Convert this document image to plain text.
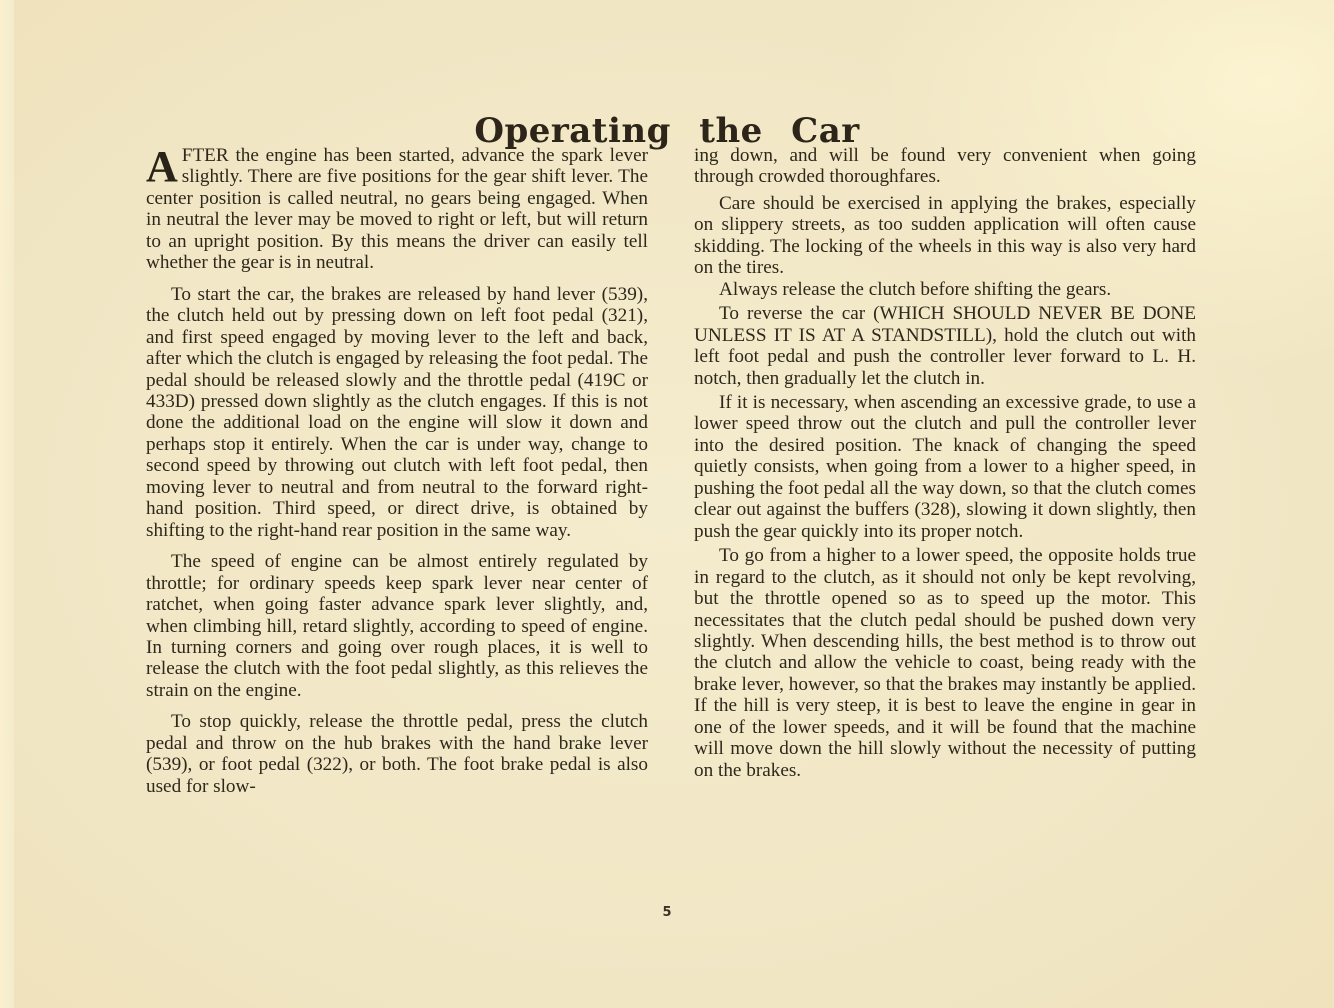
Operating the Car

AFTER the engine has been started, advance the spark lever slightly. There are five positions for the gear shift lever. The center position is called neutral, no gears being engaged. When in neutral the lever may be moved to right or left, but will return to an upright position. By this means the driver can easily tell whether the gear is in neutral.

To start the car, the brakes are released by hand lever (539), the clutch held out by pressing down on left foot pedal (321), and first speed engaged by moving lever to the left and back, after which the clutch is engaged by releasing the foot pedal. The pedal should be released slowly and the throttle pedal (419C or 433D) pressed down slightly as the clutch engages. If this is not done the additional load on the engine will slow it down and perhaps stop it entirely. When the car is under way, change to second speed by throwing out clutch with left foot pedal, then moving lever to neutral and from neutral to the forward right-hand position. Third speed, or direct drive, is obtained by shifting to the right-hand rear position in the same way.

The speed of engine can be almost entirely regulated by throttle; for ordinary speeds keep spark lever near center of ratchet, when going faster advance spark lever slightly, and, when climbing hill, retard slightly, according to speed of engine. In turning corners and going over rough places, it is well to release the clutch with the foot pedal slightly, as this relieves the strain on the engine.

To stop quickly, release the throttle pedal, press the clutch pedal and throw on the hub brakes with the hand brake lever (539), or foot pedal (322), or both. The foot brake pedal is also used for slow-

ing down, and will be found very convenient when going through crowded thoroughfares.

Care should be exercised in applying the brakes, especially on slippery streets, as too sudden application will often cause skidding. The locking of the wheels in this way is also very hard on the tires.

Always release the clutch before shifting the gears.

To reverse the car (WHICH SHOULD NEVER BE DONE UNLESS IT IS AT A STANDSTILL), hold the clutch out with left foot pedal and push the controller lever forward to L. H. notch, then gradually let the clutch in.

If it is necessary, when ascending an excessive grade, to use a lower speed throw out the clutch and pull the controller lever into the desired position. The knack of changing the speed quietly consists, when going from a lower to a higher speed, in pushing the foot pedal all the way down, so that the clutch comes clear out against the buffers (328), slowing it down slightly, then push the gear quickly into its proper notch.

To go from a higher to a lower speed, the opposite holds true in regard to the clutch, as it should not only be kept revolving, but the throttle opened so as to speed up the motor. This necessitates that the clutch pedal should be pushed down very slightly. When descending hills, the best method is to throw out the clutch and allow the vehicle to coast, being ready with the brake lever, however, so that the brakes may instantly be applied. If the hill is very steep, it is best to leave the engine in gear in one of the lower speeds, and it will be found that the machine will move down the hill slowly without the necessity of putting on the brakes.

5
